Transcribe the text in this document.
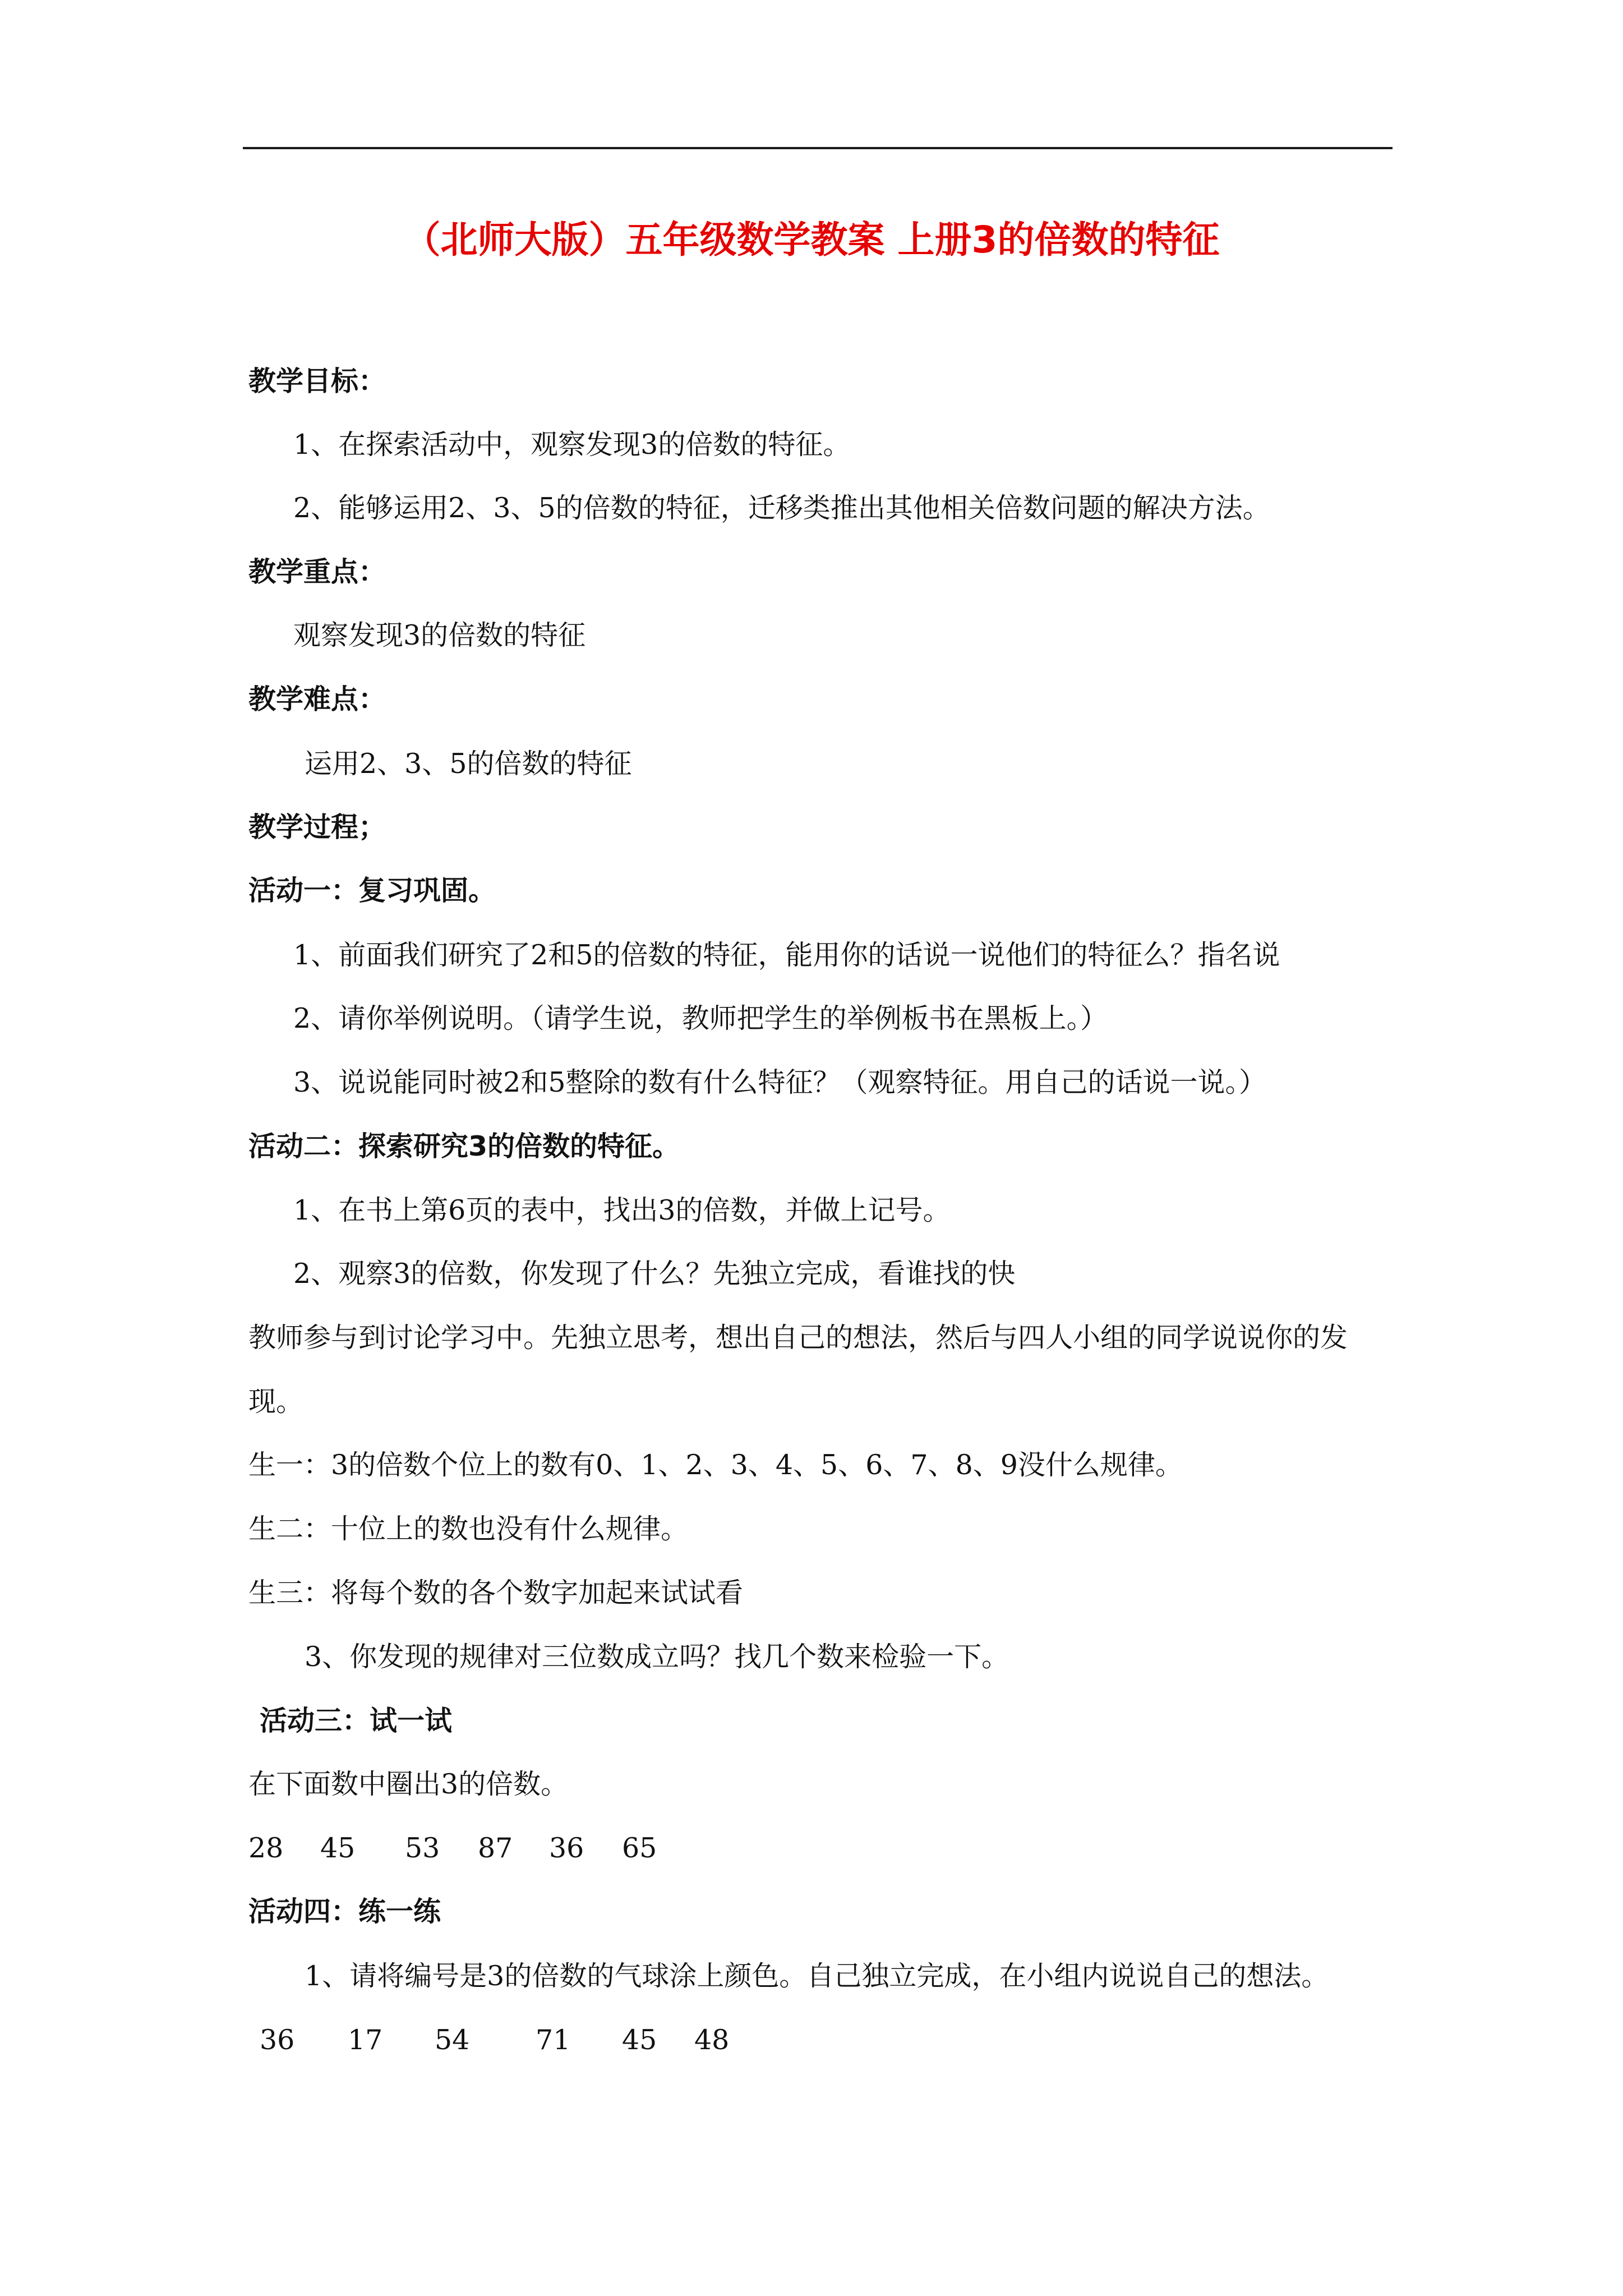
（北师大版）五年级数学教案 上册3的倍数的特征
教学目标：
1、在探索活动中，观察发现3的倍数的特征。
2、能够运用2、3、5的倍数的特征，迁移类推出其他相关倍数问题的解决方法。
教学重点：
观察发现3的倍数的特征
教学难点：
运用2、3、5的倍数的特征
教学过程；
活动一：复习巩固。
1、前面我们研究了2和5的倍数的特征，能用你的话说一说他们的特征么？指名说
2、请你举例说明。（请学生说，教师把学生的举例板书在黑板上。）
3、说说能同时被2和5整除的数有什么特征？（观察特征。用自己的话说一说。）
活动二：探索研究3的倍数的特征。
1、在书上第6页的表中，找出3的倍数，并做上记号。
2、观察3的倍数，你发现了什么？先独立完成，看谁找的快
教师参与到讨论学习中。先独立思考，想出自己的想法，然后与四人小组的同学说说你的发
现。
生一：3的倍数个位上的数有0、1、2、3、4、5、6、7、8、9没什么规律。
生二：十位上的数也没有什么规律。
生三：将每个数的各个数字加起来试试看
3、你发现的规律对三位数成立吗？找几个数来检验一下。
活动三：试一试
在下面数中圈出3的倍数。
28 45 53 87 36 65
活动四：练一练
1、请将编号是3的倍数的气球涂上颜色。自己独立完成，在小组内说说自己的想法。
36 17 54 71 45 48
